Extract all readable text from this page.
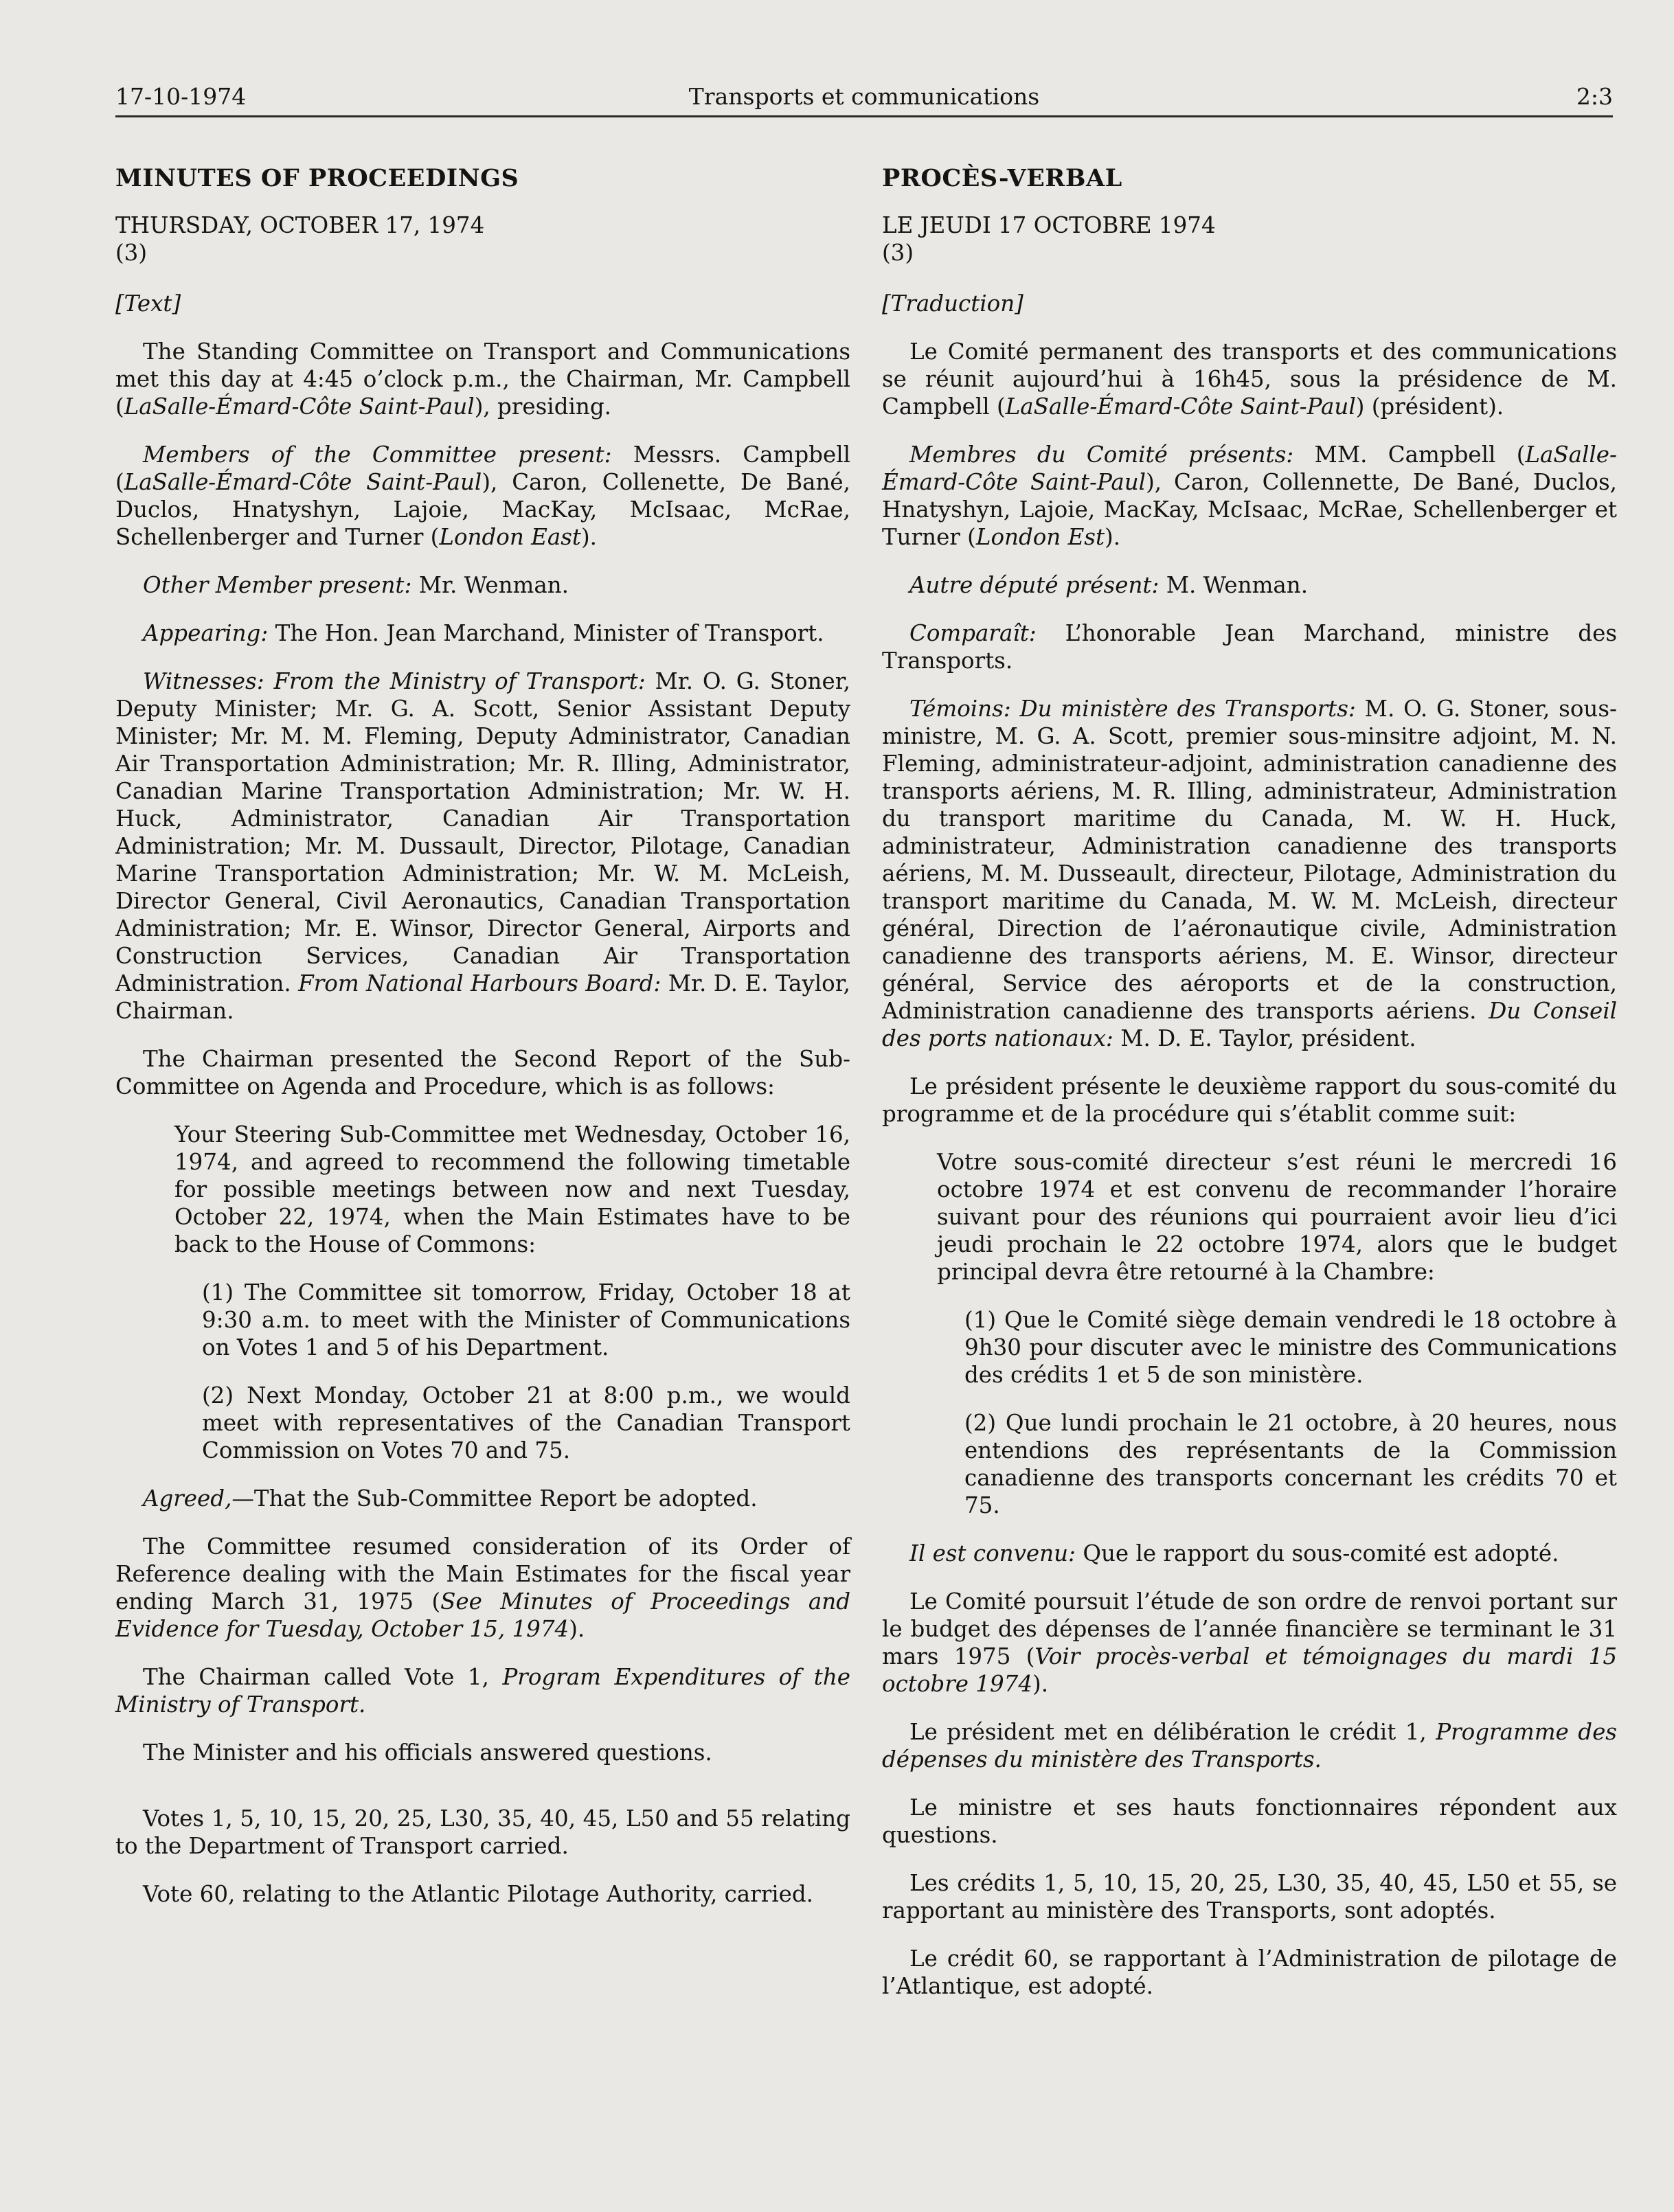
17-10-1974	Transports et communications	2:3
MINUTES OF PROCEEDINGS
THURSDAY, OCTOBER 17, 1974
(3)

[Text]

The Standing Committee on Transport and Communications met this day at 4:45 o’clock p.m., the Chairman, Mr. Campbell (LaSalle-Émard-Côte Saint-Paul), presiding.

Members of the Committee present: Messrs. Campbell (LaSalle-Émard-Côte Saint-Paul), Caron, Collenette, De Bané, Duclos, Hnatyshyn, Lajoie, MacKay, McIsaac, McRae, Schellenberger and Turner (London East).

Other Member present: Mr. Wenman.

Appearing: The Hon. Jean Marchand, Minister of Transport.

Witnesses: From the Ministry of Transport: Mr. O. G. Stoner, Deputy Minister; Mr. G. A. Scott, Senior Assistant Deputy Minister; Mr. M. M. Fleming, Deputy Administrator, Canadian Air Transportation Administration; Mr. R. Illing, Administrator, Canadian Marine Transportation Administration; Mr. W. H. Huck, Administrator, Canadian Air Transportation Administration; Mr. M. Dussault, Director, Pilotage, Canadian Marine Transportation Administration; Mr. W. M. McLeish, Director General, Civil Aeronautics, Canadian Transportation Administration; Mr. E. Winsor, Director General, Airports and Construction Services, Canadian Air Transportation Administration. From National Harbours Board: Mr. D. E. Taylor, Chairman.

The Chairman presented the Second Report of the Sub-Committee on Agenda and Procedure, which is as follows:

Your Steering Sub-Committee met Wednesday, October 16, 1974, and agreed to recommend the following timetable for possible meetings between now and next Tuesday, October 22, 1974, when the Main Estimates have to be back to the House of Commons:

(1) The Committee sit tomorrow, Friday, October 18 at 9:30 a.m. to meet with the Minister of Communications on Votes 1 and 5 of his Department.

(2) Next Monday, October 21 at 8:00 p.m., we would meet with representatives of the Canadian Transport Commission on Votes 70 and 75.

Agreed,—That the Sub-Committee Report be adopted.

The Committee resumed consideration of its Order of Reference dealing with the Main Estimates for the fiscal year ending March 31, 1975 (See Minutes of Proceedings and Evidence for Tuesday, October 15, 1974).

The Chairman called Vote 1, Program Expenditures of the Ministry of Transport.

The Minister and his officials answered questions.

Votes 1, 5, 10, 15, 20, 25, L30, 35, 40, 45, L50 and 55 relating to the Department of Transport carried.

Vote 60, relating to the Atlantic Pilotage Authority, carried.

PROCÈS-VERBAL
LE JEUDI 17 OCTOBRE 1974
(3)

[Traduction]

Le Comité permanent des transports et des communications se réunit aujourd’hui à 16h45, sous la présidence de M. Campbell (LaSalle-Émard-Côte Saint-Paul) (président).

Membres du Comité présents: MM. Campbell (LaSalle-Émard-Côte Saint-Paul), Caron, Collennette, De Bané, Duclos, Hnatyshyn, Lajoie, MacKay, McIsaac, McRae, Schellenberger et Turner (London Est).

Autre député présent: M. Wenman.

Comparaît: L’honorable Jean Marchand, ministre des Transports.

Témoins: Du ministère des Transports: M. O. G. Stoner, sous-ministre, M. G. A. Scott, premier sous-minsitre adjoint, M. N. Fleming, administrateur-adjoint, administration canadienne des transports aériens, M. R. Illing, administrateur, Administration du transport maritime du Canada, M. W. H. Huck, administrateur, Administration canadienne des transports aériens, M. M. Dusseault, directeur, Pilotage, Administration du transport maritime du Canada, M. W. M. McLeish, directeur général, Direction de l’aéronautique civile, Administration canadienne des transports aériens, M. E. Winsor, directeur général, Service des aéroports et de la construction, Administration canadienne des transports aériens. Du Conseil des ports nationaux: M. D. E. Taylor, président.

Le président présente le deuxième rapport du sous-comité du programme et de la procédure qui s’établit comme suit:

Votre sous-comité directeur s’est réuni le mercredi 16 octobre 1974 et est convenu de recommander l’horaire suivant pour des réunions qui pourraient avoir lieu d’ici jeudi prochain le 22 octobre 1974, alors que le budget principal devra être retourné à la Chambre:

(1) Que le Comité siège demain vendredi le 18 octobre à 9h30 pour discuter avec le ministre des Communications des crédits 1 et 5 de son ministère.

(2) Que lundi prochain le 21 octobre, à 20 heures, nous entendions des représentants de la Commission canadienne des transports concernant les crédits 70 et 75.

Il est convenu: Que le rapport du sous-comité est adopté.

Le Comité poursuit l’étude de son ordre de renvoi portant sur le budget des dépenses de l’année financière se terminant le 31 mars 1975 (Voir procès-verbal et témoignages du mardi 15 octobre 1974).

Le président met en délibération le crédit 1, Programme des dépenses du ministère des Transports.

Le ministre et ses hauts fonctionnaires répondent aux questions.

Les crédits 1, 5, 10, 15, 20, 25, L30, 35, 40, 45, L50 et 55, se rapportant au ministère des Transports, sont adoptés.

Le crédit 60, se rapportant à l’Administration de pilotage de l’Atlantique, est adopté.
